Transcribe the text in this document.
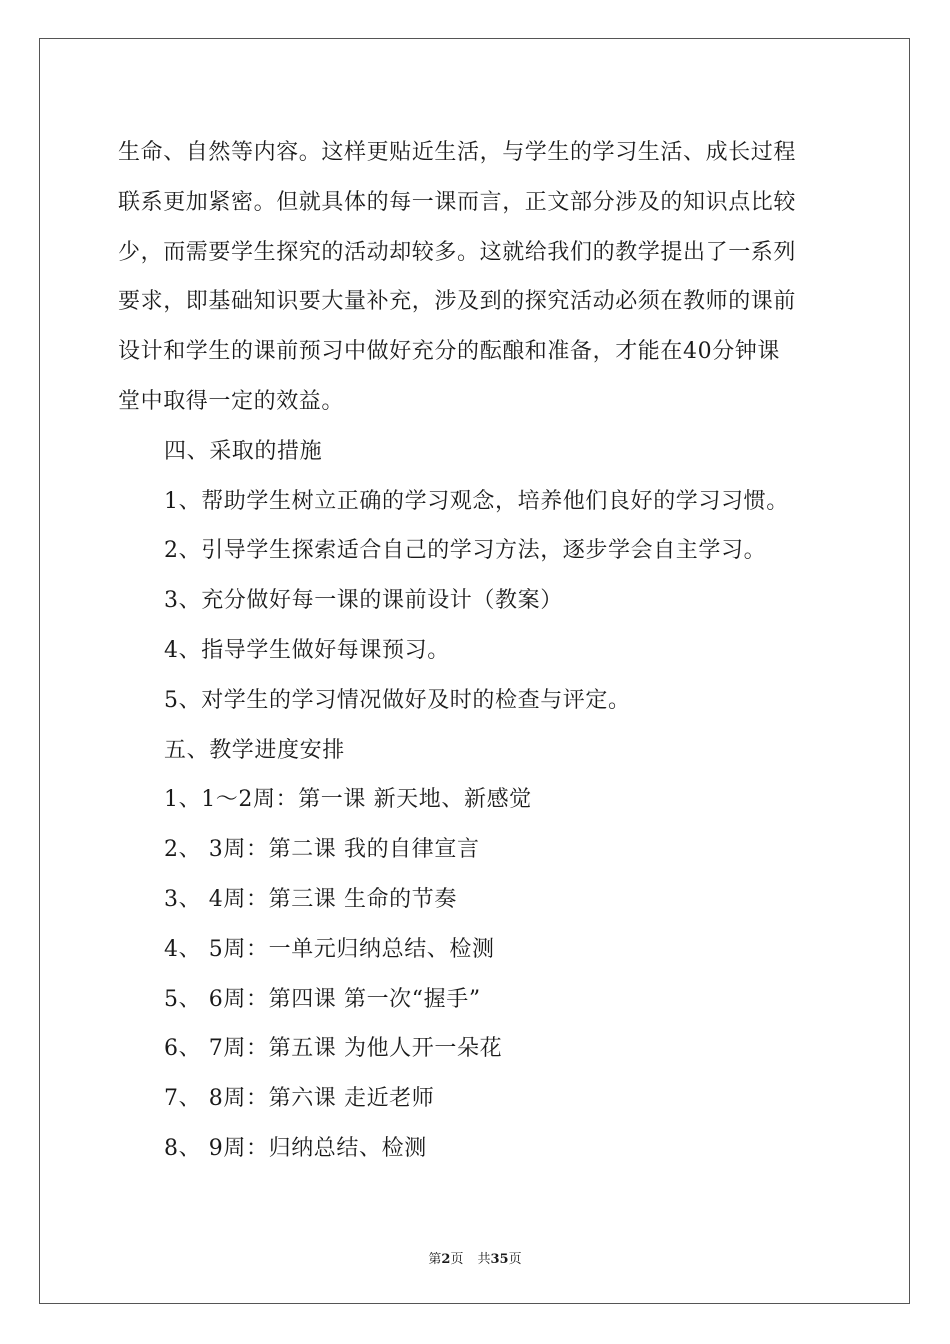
生命、自然等内容。这样更贴近生活，与学生的学习生活、成长过程

联系更加紧密。但就具体的每一课而言，正文部分涉及的知识点比较

少，而需要学生探究的活动却较多。这就给我们的教学提出了一系列

要求，即基础知识要大量补充，涉及到的探究活动必须在教师的课前

设计和学生的课前预习中做好充分的酝酿和准备，才能在40分钟课

堂中取得一定的效益。

四、采取的措施

1、帮助学生树立正确的学习观念，培养他们良好的学习习惯。

2、引导学生探索适合自己的学习方法，逐步学会自主学习。

3、充分做好每一课的课前设计（教案）

4、指导学生做好每课预习。

5、对学生的学习情况做好及时的检查与评定。

五、教学进度安排

1、1～2周：第一课 新天地、新感觉

2、 3周：第二课 我的自律宣言

3、 4周：第三课 生命的节奏

4、 5周：一单元归纳总结、检测

5、 6周：第四课 第一次“握手”

6、 7周：第五课 为他人开一朵花

7、 8周：第六课 走近老师

8、 9周：归纳总结、检测

第2页 共35页
